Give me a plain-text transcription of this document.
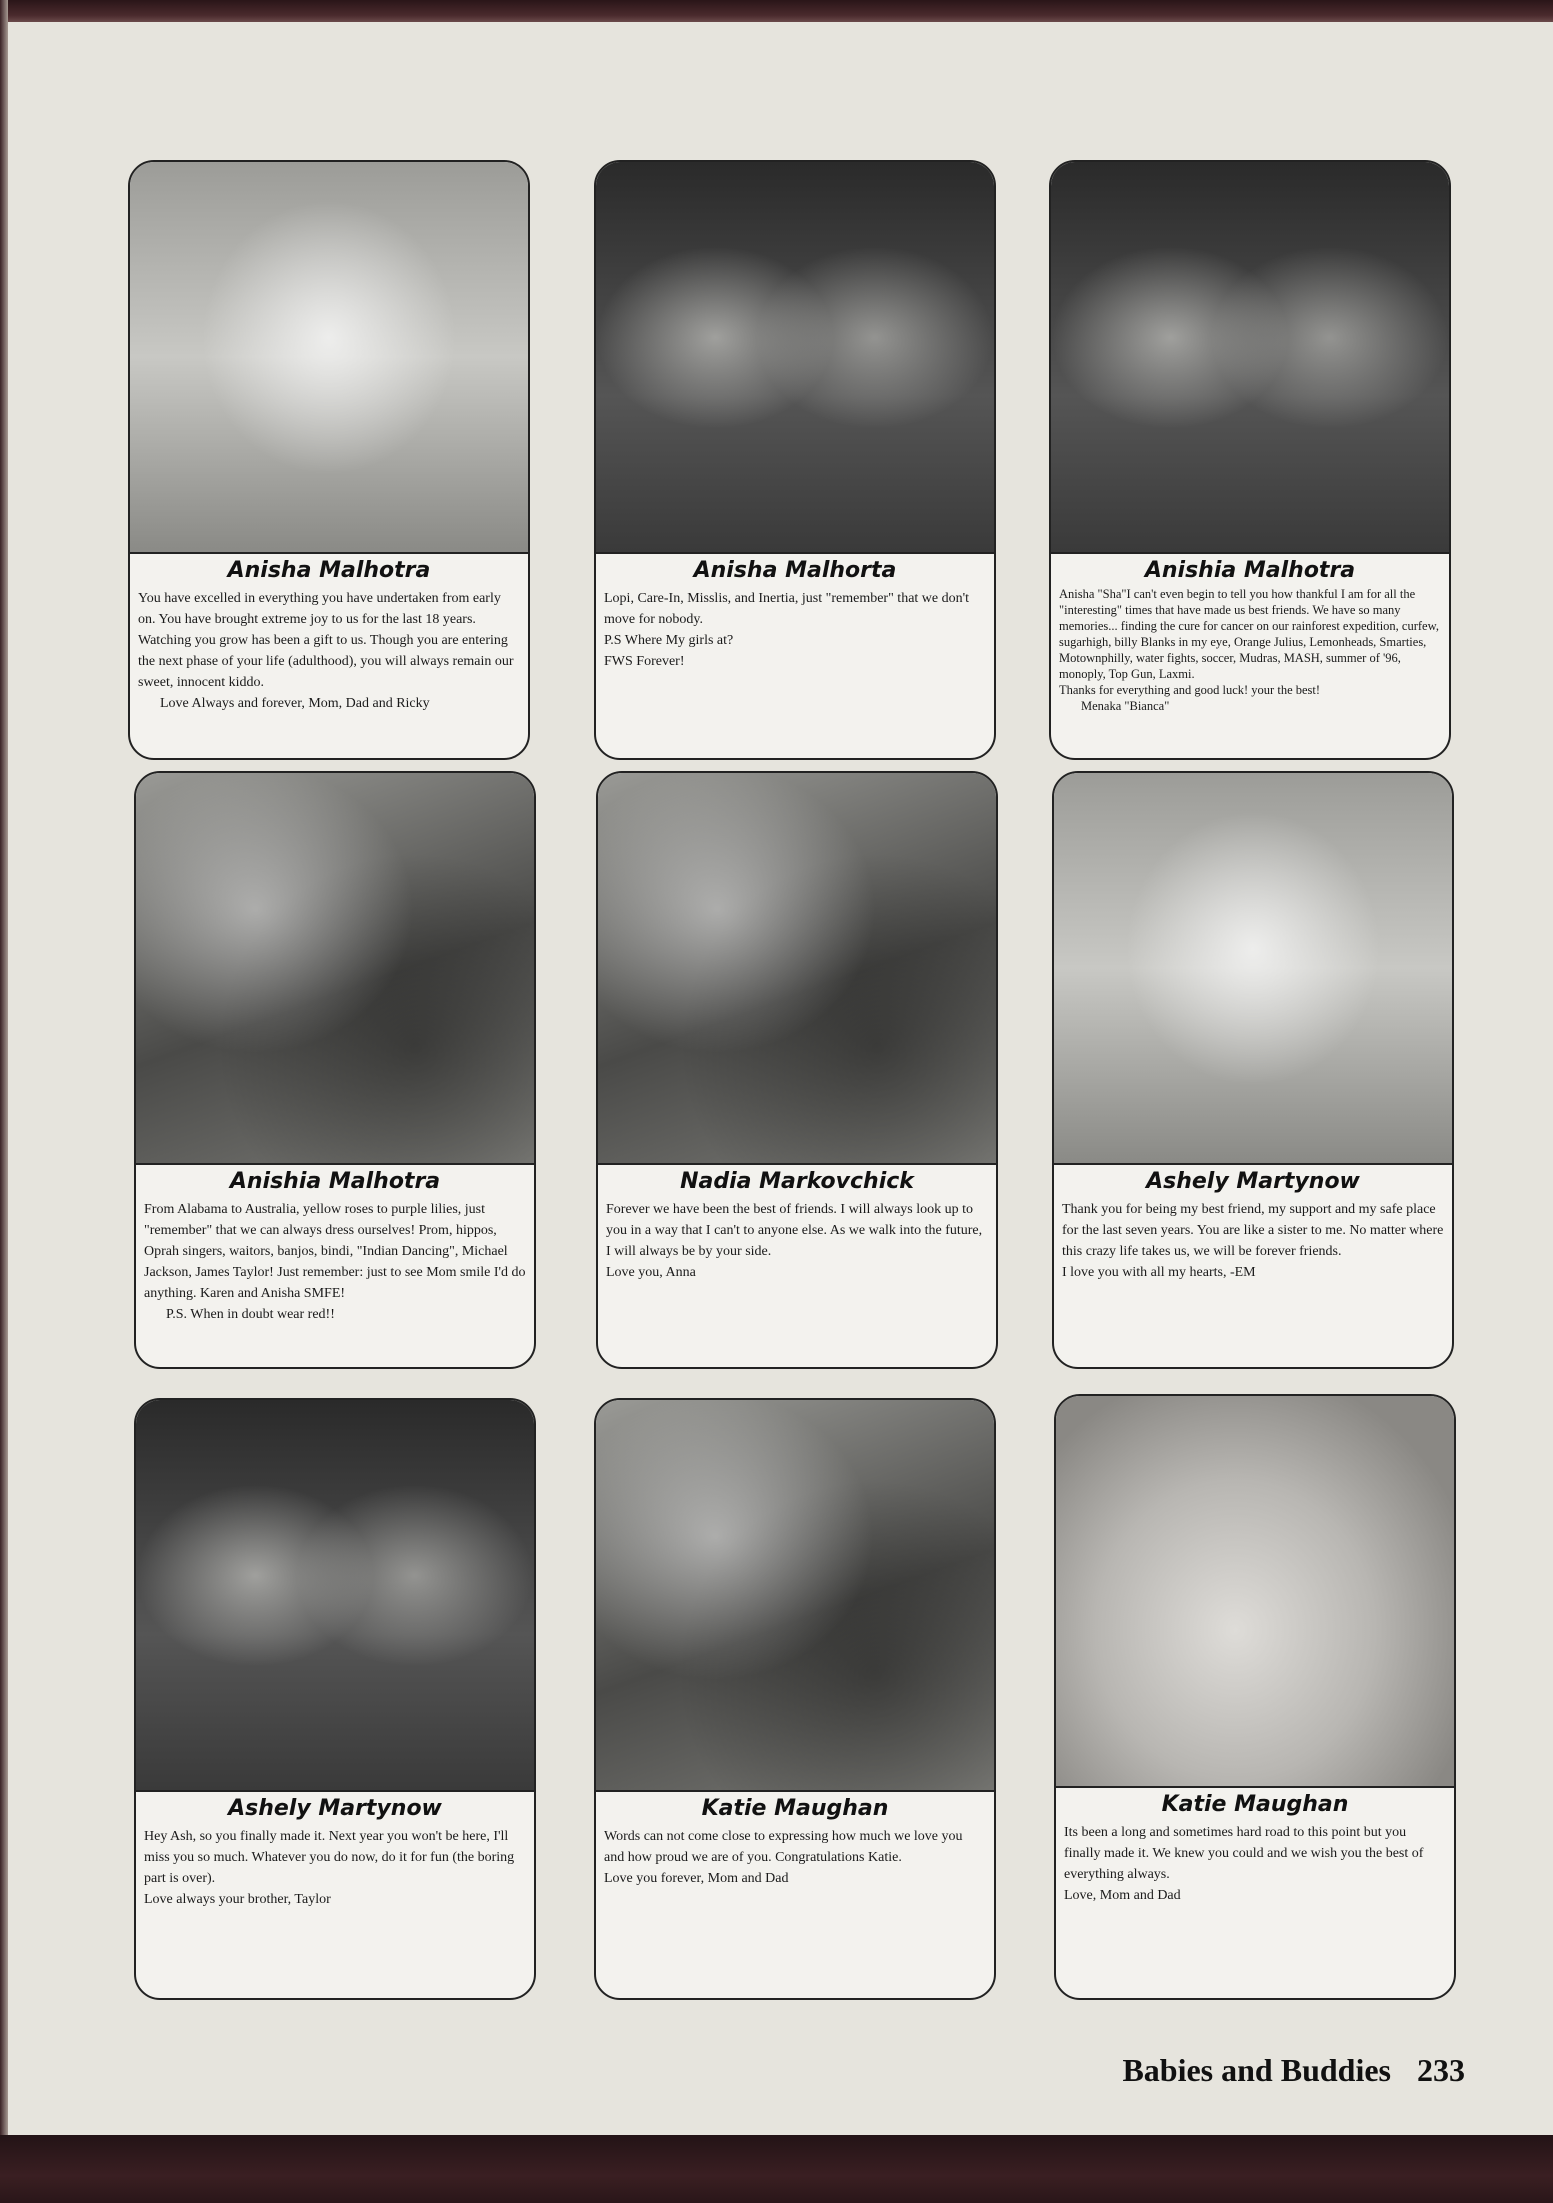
Anisha Malhotra

You have excelled in everything you have undertaken from early on. You have brought extreme joy to us for the last 18 years. Watching you grow has been a gift to us. Though you are entering the next phase of your life (adulthood), you will always remain our sweet, innocent kiddo.

Love Always and forever, Mom, Dad and Ricky

Anisha Malhorta

Lopi, Care-In, Misslis, and Inertia, just "remember" that we don't move for nobody.

P.S Where My girls at?

FWS Forever!

Anishia Malhotra

Anisha "Sha"I can't even begin to tell you how thankful I am for all the "interesting" times that have made us best friends. We have so many memories... finding the cure for cancer on our rainforest expedition, curfew, sugarhigh, billy Blanks in my eye, Orange Julius, Lemonheads, Smarties, Motownphilly, water fights, soccer, Mudras, MASH, summer of '96, monoply, Top Gun, Laxmi.

Thanks for everything and good luck! your the best!

Menaka "Bianca"

Anishia Malhotra

From Alabama to Australia, yellow roses to purple lilies, just "remember" that we can always dress ourselves! Prom, hippos, Oprah singers, waitors, banjos, bindi, "Indian Dancing", Michael Jackson, James Taylor! Just remember: just to see Mom smile I'd do anything. Karen and Anisha SMFE!

P.S. When in doubt wear red!!

Nadia Markovchick

Forever we have been the best of friends. I will always look up to you in a way that I can't to anyone else. As we walk into the future, I will always be by your side.

Love you, Anna

Ashely Martynow

Thank you for being my best friend, my support and my safe place for the last seven years. You are like a sister to me. No matter where this crazy life takes us, we will be forever friends.

I love you with all my hearts, -EM

Ashely Martynow

Hey Ash, so you finally made it. Next year you won't be here, I'll miss you so much. Whatever you do now, do it for fun (the boring part is over).

Love always your brother, Taylor

Katie Maughan

Words can not come close to expressing how much we love you and how proud we are of you. Congratulations Katie.

Love you forever, Mom and Dad

Katie Maughan

Its been a long and sometimes hard road to this point but you finally made it. We knew you could and we wish you the best of everything always.

Love, Mom and Dad

Babies and Buddies 233
